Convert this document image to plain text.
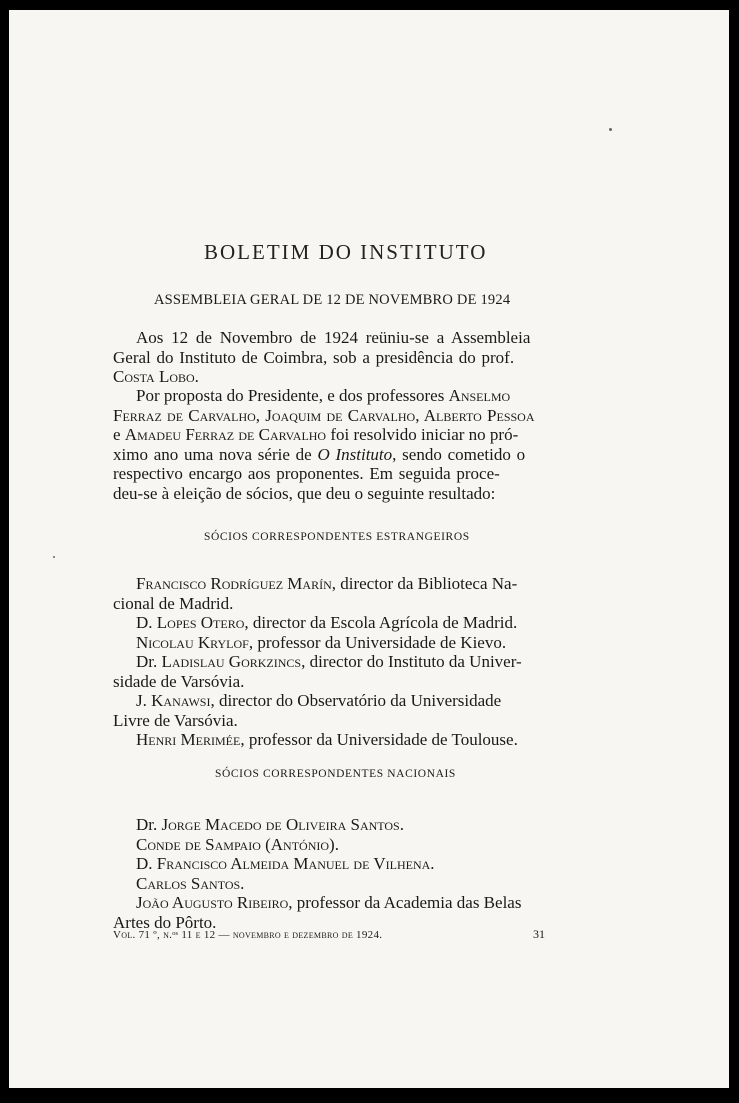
BOLETIM DO INSTITUTO
ASSEMBLEIA GERAL DE 12 DE NOVEMBRO DE 1924
Aos 12 de Novembro de 1924 reüniu-se a Assembleia
Geral do Instituto de Coimbra, sob a presidência do prof.
Costa Lobo.
Por proposta do Presidente, e dos professores Anselmo
Ferraz de Carvalho, Joaquim de Carvalho, Alberto Pessoa
e Amadeu Ferraz de Carvalho foi resolvido iniciar no pró-
ximo ano uma nova série de O Instituto, sendo cometido o
respectivo encargo aos proponentes. Em seguida proce-
deu-se à eleição de sócios, que deu o seguinte resultado:
SÓCIOS CORRESPONDENTES ESTRANGEIROS
Francisco Rodríguez Marín, director da Biblioteca Na-
cional de Madrid.
D. Lopes Otero, director da Escola Agrícola de Madrid.
Nicolau Krylof, professor da Universidade de Kievo.
Dr. Ladislau Gorkzincs, director do Instituto da Univer-
sidade de Varsóvia.
J. Kanawsi, director do Observatório da Universidade
Livre de Varsóvia.
Henri Merimée, professor da Universidade de Toulouse.
SÓCIOS CORRESPONDENTES NACIONAIS
Dr. Jorge Macedo de Oliveira Santos.
Conde de Sampaio (António).
D. Francisco Almeida Manuel de Vilhena.
Carlos Santos.
João Augusto Ribeiro, professor da Academia das Belas
Artes do Pôrto.
Vol. 71 º, n.ᵒˢ 11 e 12 — novembro e dezembro de 1924.	31
